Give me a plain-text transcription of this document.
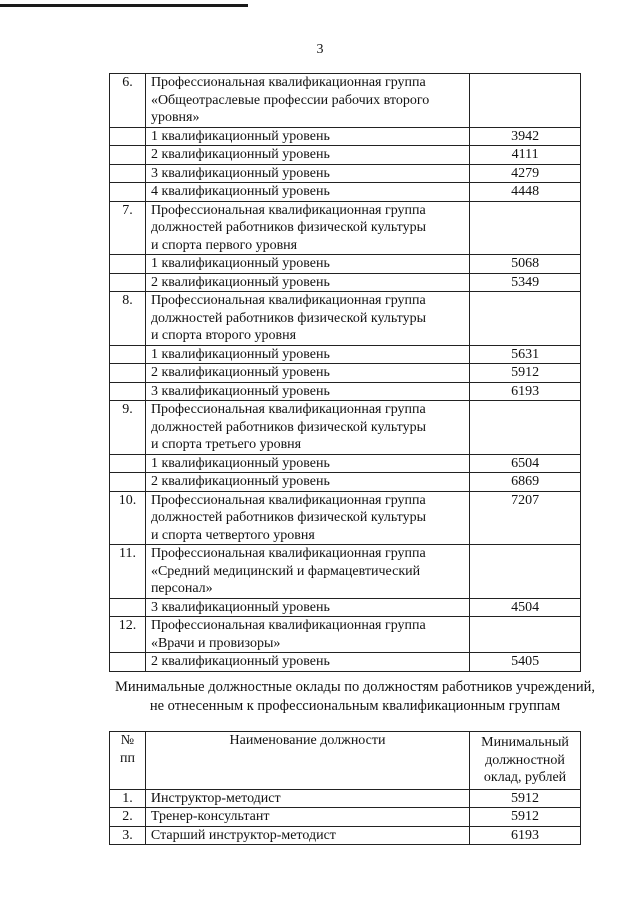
3
6.	Профессиональная квалификационная группа
«Общеотраслевые профессии рабочих второго
уровня»	

	1 квалификационный уровень	3942
	2 квалификационный уровень	4111
	3 квалификационный уровень	4279
	4 квалификационный уровень	4448
7.	Профессиональная квалификационная группа
должностей работников физической культуры
и спорта первого уровня	

	1 квалификационный уровень	5068
	2 квалификационный уровень	5349
8.	Профессиональная квалификационная группа
должностей работников физической культуры
и спорта второго уровня	

	1 квалификационный уровень	5631
	2 квалификационный уровень	5912
	3 квалификационный уровень	6193
9.	Профессиональная квалификационная группа
должностей работников физической культуры
и спорта третьего уровня	

	1 квалификационный уровень	6504
	2 квалификационный уровень	6869
10.	Профессиональная квалификационная группа
должностей работников физической культуры
и спорта четвертого уровня	7207
11.	Профессиональная квалификационная группа
«Средний медицинский и фармацевтический
персонал»	

	3 квалификационный уровень	4504
12.	Профессиональная квалификационная группа
«Врачи и провизоры»	

	2 квалификационный уровень	5405
Минимальные должностные оклады по должностям работников учреждений,
не отнесенным к профессиональным квалификационным группам
№
пп	Наименование должности	Минимальный
должностной
оклад, рублей

1.	Инструктор-методист	5912
2.	Тренер-консультант	5912
3.	Старший инструктор-методист	6193
